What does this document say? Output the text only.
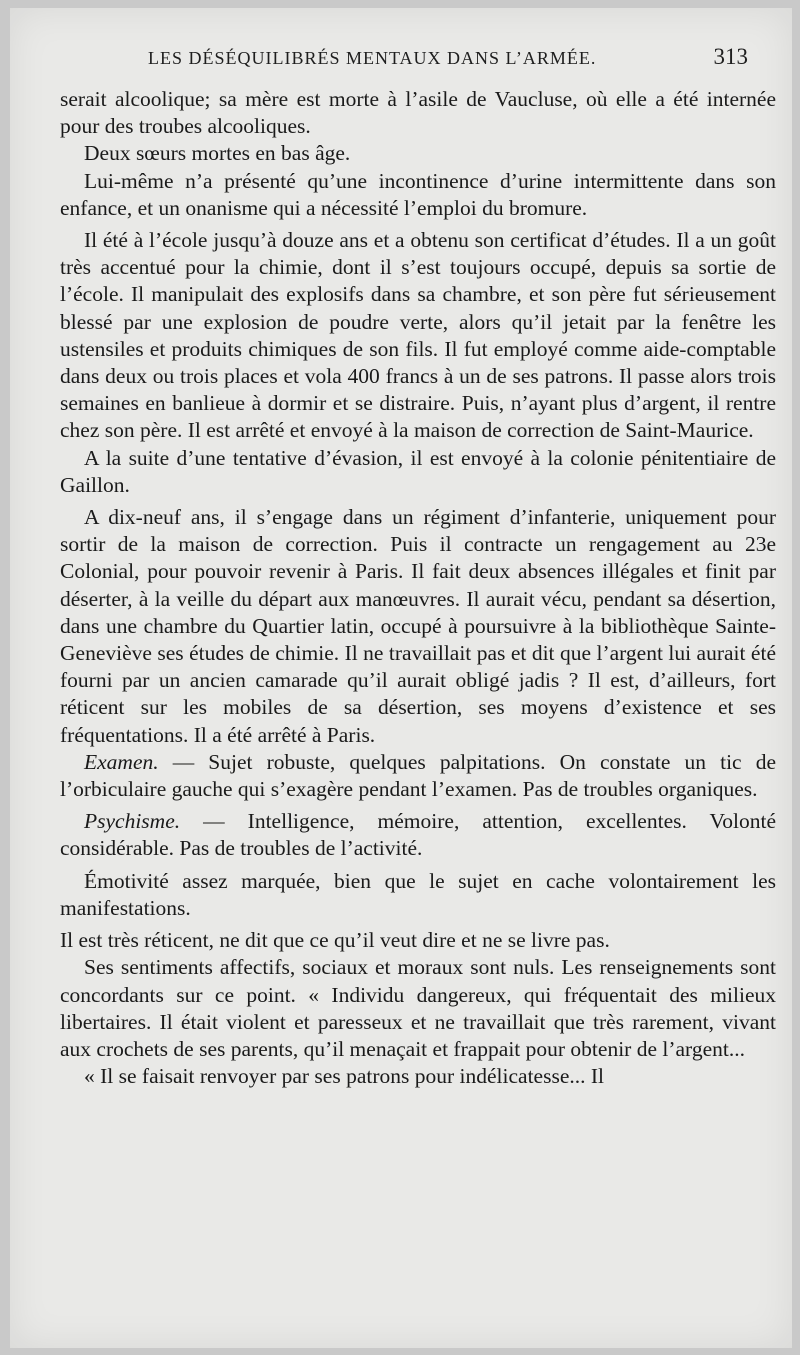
LES DÉSÉQUILIBRÉS MENTAUX DANS L’ARMÉE.	313

serait alcoolique; sa mère est morte à l’asile de Vaucluse, où elle a été internée pour des troubes alcooliques.

Deux sœurs mortes en bas âge.

Lui-même n’a présenté qu’une incontinence d’urine intermittente dans son enfance, et un onanisme qui a nécessité l’emploi du bromure.

Il été à l’école jusqu’à douze ans et a obtenu son certificat d’études. Il a un goût très accentué pour la chimie, dont il s’est toujours occupé, depuis sa sortie de l’école. Il manipulait des explosifs dans sa chambre, et son père fut sérieusement blessé par une explosion de poudre verte, alors qu’il jetait par la fenêtre les ustensiles et produits chimiques de son fils. Il fut employé comme aide-comptable dans deux ou trois places et vola 400 francs à un de ses patrons. Il passe alors trois semaines en banlieue à dormir et se distraire. Puis, n’ayant plus d’argent, il rentre chez son père. Il est arrêté et envoyé à la maison de correction de Saint-Maurice.

A la suite d’une tentative d’évasion, il est envoyé à la colonie pénitentiaire de Gaillon.

A dix-neuf ans, il s’engage dans un régiment d’infanterie, uniquement pour sortir de la maison de correction. Puis il contracte un rengagement au 23e Colonial, pour pouvoir revenir à Paris. Il fait deux absences illégales et finit par déserter, à la veille du départ aux manœuvres. Il aurait vécu, pendant sa désertion, dans une chambre du Quartier latin, occupé à poursuivre à la bibliothèque Sainte-Geneviève ses études de chimie. Il ne travaillait pas et dit que l’argent lui aurait été fourni par un ancien camarade qu’il aurait obligé jadis ? Il est, d’ailleurs, fort réticent sur les mobiles de sa désertion, ses moyens d’existence et ses fréquentations. Il a été arrêté à Paris.

Examen. — Sujet robuste, quelques palpitations. On constate un tic de l’orbiculaire gauche qui s’exagère pendant l’examen. Pas de troubles organiques.

Psychisme. — Intelligence, mémoire, attention, excellentes. Volonté considérable. Pas de troubles de l’activité.

Émotivité assez marquée, bien que le sujet en cache volontairement les manifestations.

Il est très réticent, ne dit que ce qu’il veut dire et ne se livre pas.

Ses sentiments affectifs, sociaux et moraux sont nuls. Les renseignements sont concordants sur ce point. « Individu dangereux, qui fréquentait des milieux libertaires. Il était violent et paresseux et ne travaillait que très rarement, vivant aux crochets de ses parents, qu’il menaçait et frappait pour obtenir de l’argent...

« Il se faisait renvoyer par ses patrons pour indélicatesse... Il
